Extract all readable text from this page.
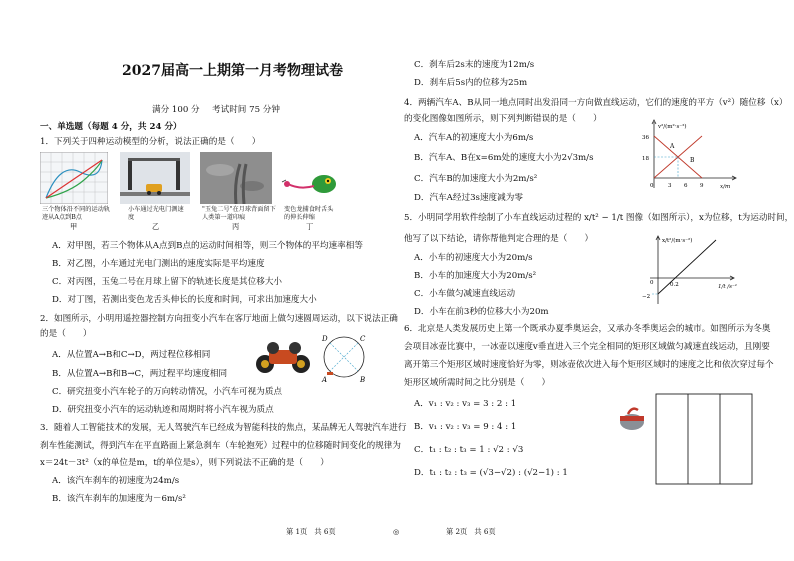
2027届高一上期第一月考物理试卷
满分 100 分 考试时间 75 分钟
一、单选题（每题 4 分，共 24 分）
1．下列关于四种运动模型的分析，说法正确的是（　　）
三个物体沿不同的运动轨迹从A点到B点
甲
小车通过光电门测速度
乙
"玉兔二号"在月球背面留下人类第一道印痕
丙
变色龙捕食时舌头的伸长伸缩
丁
A．对甲图，若三个物体从A点到B点的运动时间相等，则三个物体的平均速率相等
B．对乙图，小车通过光电门测出的速度实际是平均速度
C．对丙图，玉兔二号在月球上留下的轨迹长度是其位移大小
D．对丁图，若测出变色龙舌头伸长的长度和时间，可求出加速度大小
2．如图所示，小明用遥控器控制方向扭变小汽车在客厅地面上做匀速圆周运动，以下说法正确
的是（　　）
A．从位置A→B和C→D，两过程位移相同
B．从位置A→B和B→C，两过程平均速度相同
C．研究扭变小汽车轮子的万向转动情况，小汽车可视为质点
D．研究扭变小汽车的运动轨迹和周期时将小汽车视为质点
D	C
A	B
3．随着人工智能技术的发展，无人驾驶汽车已经成为智能科技的焦点，某品牌无人驾驶汽车进行
刹车性能测试，得到汽车在平直路面上紧急刹车（车轮抱死）过程中的位移随时间变化的规律为
x＝24t－3t²（x的单位是m，t的单位是s），则下列说法不正确的是（　　）
A．该汽车刹车的初速度为24m/s
B．该汽车刹车的加速度为－6m/s²
C．刹车后2s末的速度为12m/s
D．刹车后5s内的位移为25m
4．两辆汽车A、B从同一地点同时出发沿同一方向做直线运动，它们的速度的平方（v²）随位移（x）
的变化图像如图所示，则下列判断错误的是（　　）
A．汽车A的初速度大小为6m/s
B．汽车A、B在x=6m处的速度大小为2√3m/s
C．汽车B的加速度大小为2m/s²
D．汽车A经过3s速度减为零
v²/(m²·s⁻²)
x/m
36
18
0	3 6 9
A
B
5．小明同学用软件绘制了小车直线运动过程的 x/t² − 1/t 图像（如图所示），x为位移，t为运动时间，
他写了以下结论，请你帮他判定合理的是（　　）
A．小车的初速度大小为20m/s
B．小车的加速度大小为20m/s²
C．小车做匀减速直线运动
D．小车在前3秒的位移大小为20m
x/t²/(m·s⁻²)
1/t /s⁻¹
0	0.2
−2
6．北京是人类发展历史上第一个既承办夏季奥运会，又承办冬季奥运会的城市。如图所示为冬奥
会项目冰壶比赛中，一冰壶以速度v垂直进入三个完全相同的矩形区域做匀减速直线运动，且刚要
离开第三个矩形区域时速度恰好为零，则冰壶依次进入每个矩形区域时的速度之比和依次穿过每个
矩形区域所需时间之比分别是（　　）
A．v₁ : v₂ : v₃ = 3 : 2 : 1
B．v₁ : v₂ : v₃ = 9 : 4 : 1
C．t₁ : t₂ : t₃ = 1 : √2 : √3
D．t₁ : t₂ : t₃ = (√3−√2) : (√2−1) : 1
第 1页　共 6页	◎	第 2页　共 6页
